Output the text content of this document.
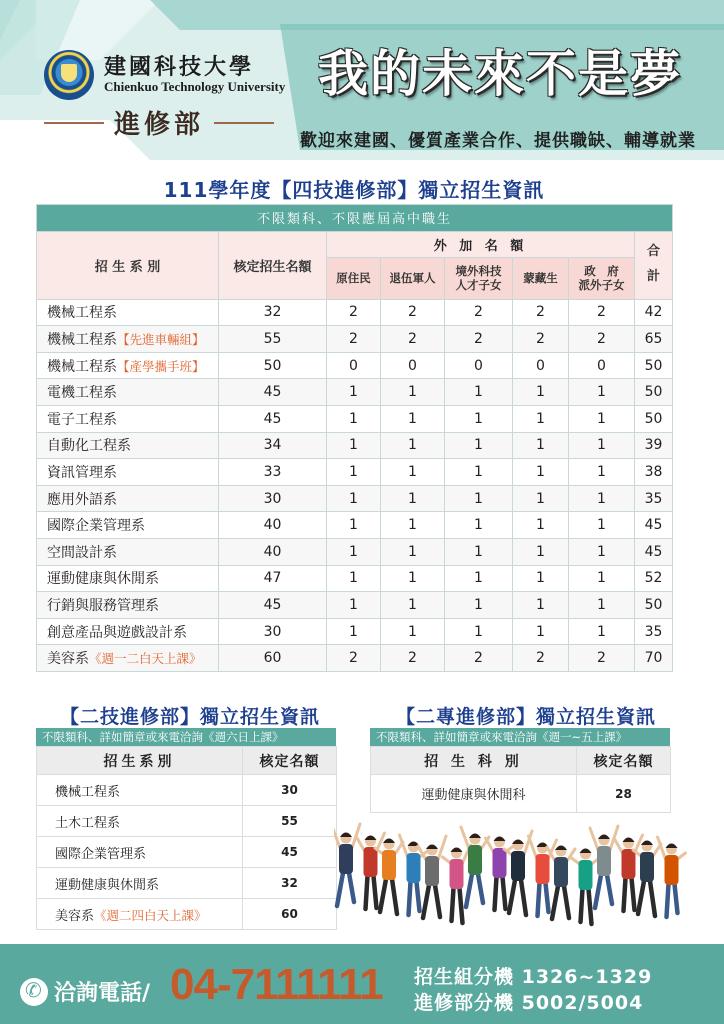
建國科技大學
Chienkuo Technology University
進修部
我的未來不是夢
歡迎來建國、優質產業合作、提供職缺、輔導就業
111學年度【四技進修部】獨立招生資訊
不限類科、不限應屆高中職生							
招 生 系 別	核定招生名額	外 加 名 額					合
計
		原住民	退伍軍人	境外科技
人才子女	蒙藏生	政　府
派外子女	
機械工程系	32	2	2	2	2	2	42
機械工程系【先進車輛組】	55	2	2	2	2	2	65
機械工程系【產學攜手班】	50	0	0	0	0	0	50
電機工程系	45	1	1	1	1	1	50
電子工程系	45	1	1	1	1	1	50
自動化工程系	34	1	1	1	1	1	39
資訊管理系	33	1	1	1	1	1	38
應用外語系	30	1	1	1	1	1	35
國際企業管理系	40	1	1	1	1	1	45
空間設計系	40	1	1	1	1	1	45
運動健康與休閒系	47	1	1	1	1	1	52
行銷與服務管理系	45	1	1	1	1	1	50
創意產品與遊戲設計系	30	1	1	1	1	1	35
美容系《週一二白天上課》	60	2	2	2	2	2	70
【二技進修部】獨立招生資訊
不限類科、詳如簡章或來電洽詢《週六日上課》
招生系別	核定名額
機械工程系	30
土木工程系	55
國際企業管理系	45
運動健康與休閒系	32
美容系《週二四白天上課》	60
【二專進修部】獨立招生資訊
不限類科、詳如簡章或來電洽詢《週一~五上課》
招 生 科 別	核定名額
運動健康與休閒科	28
✆
洽詢電話/ 04-7111111 招生組分機 1326~1329
進修部分機 5002/5004
